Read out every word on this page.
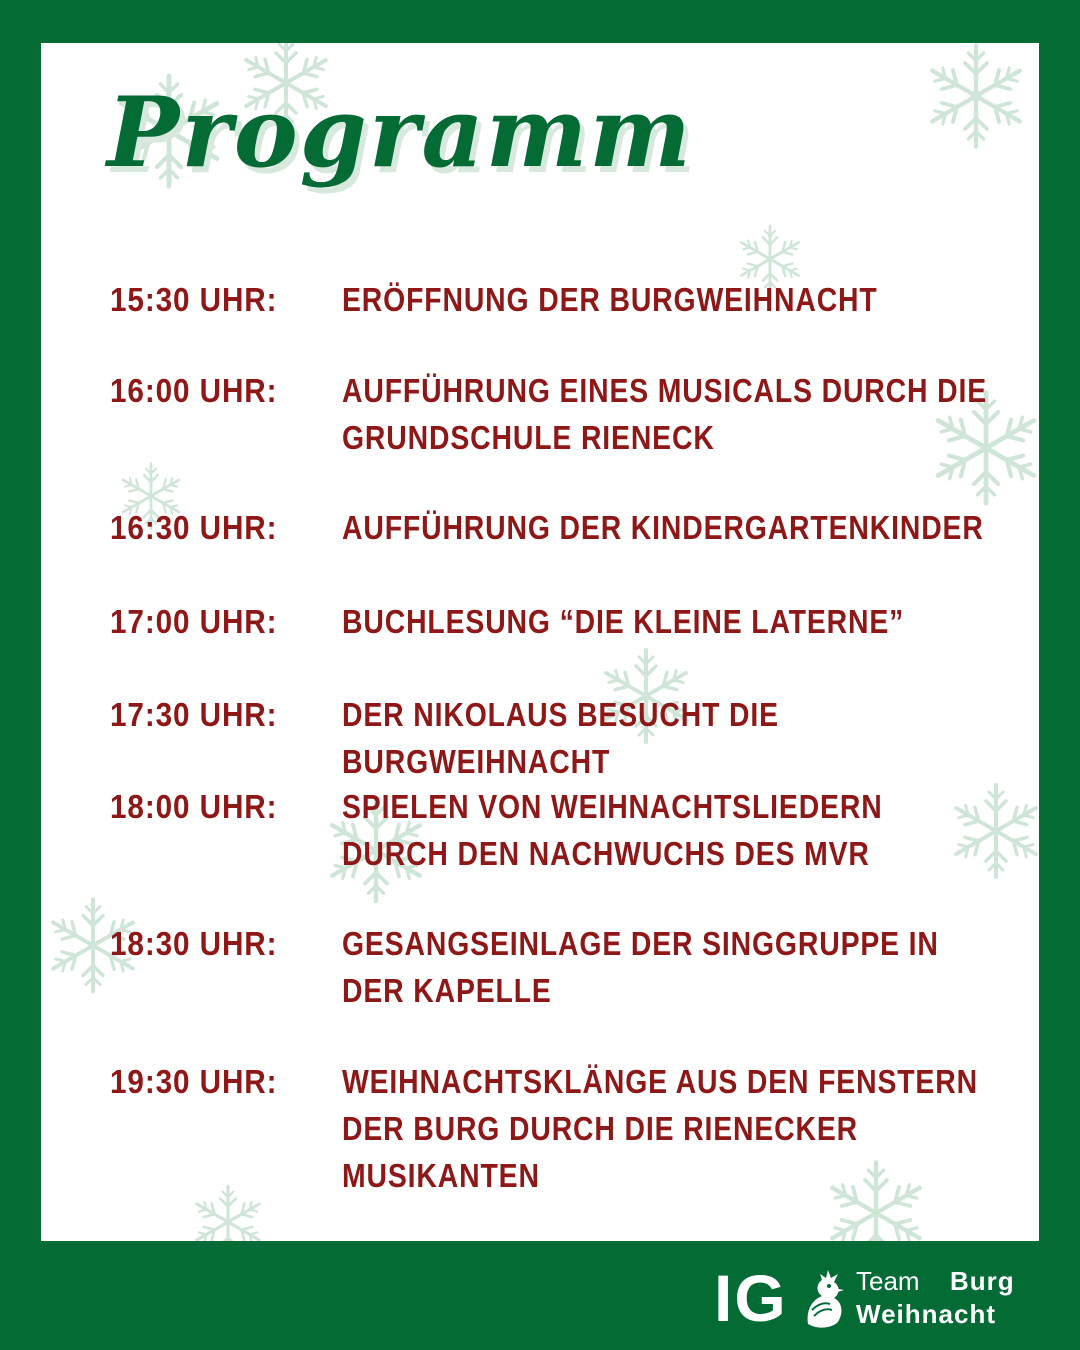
Programm
15:30 UHR:	ERÖFFNUNG DER BURGWEIHNACHT
16:00 UHR:	AUFFÜHRUNG EINES MUSICALS DURCH DIE GRUNDSCHULE RIENECK
16:30 UHR:	AUFFÜHRUNG DER KINDERGARTENKINDER
17:00 UHR:	BUCHLESUNG “DIE KLEINE LATERNE”
17:30 UHR:	DER NIKOLAUS BESUCHT DIE BURGWEIHNACHT
18:00 UHR:	SPIELEN VON WEIHNACHTSLIEDERN DURCH DEN NACHWUCHS DES MVR
18:30 UHR:	GESANGSEINLAGE DER SINGGRUPPE IN DER KAPELLE
19:30 UHR:	WEIHNACHTSKLÄNGE AUS DEN FENSTERN DER BURG DURCH DIE RIENECKER MUSIKANTEN
IG	Team Burg
Weihnacht
